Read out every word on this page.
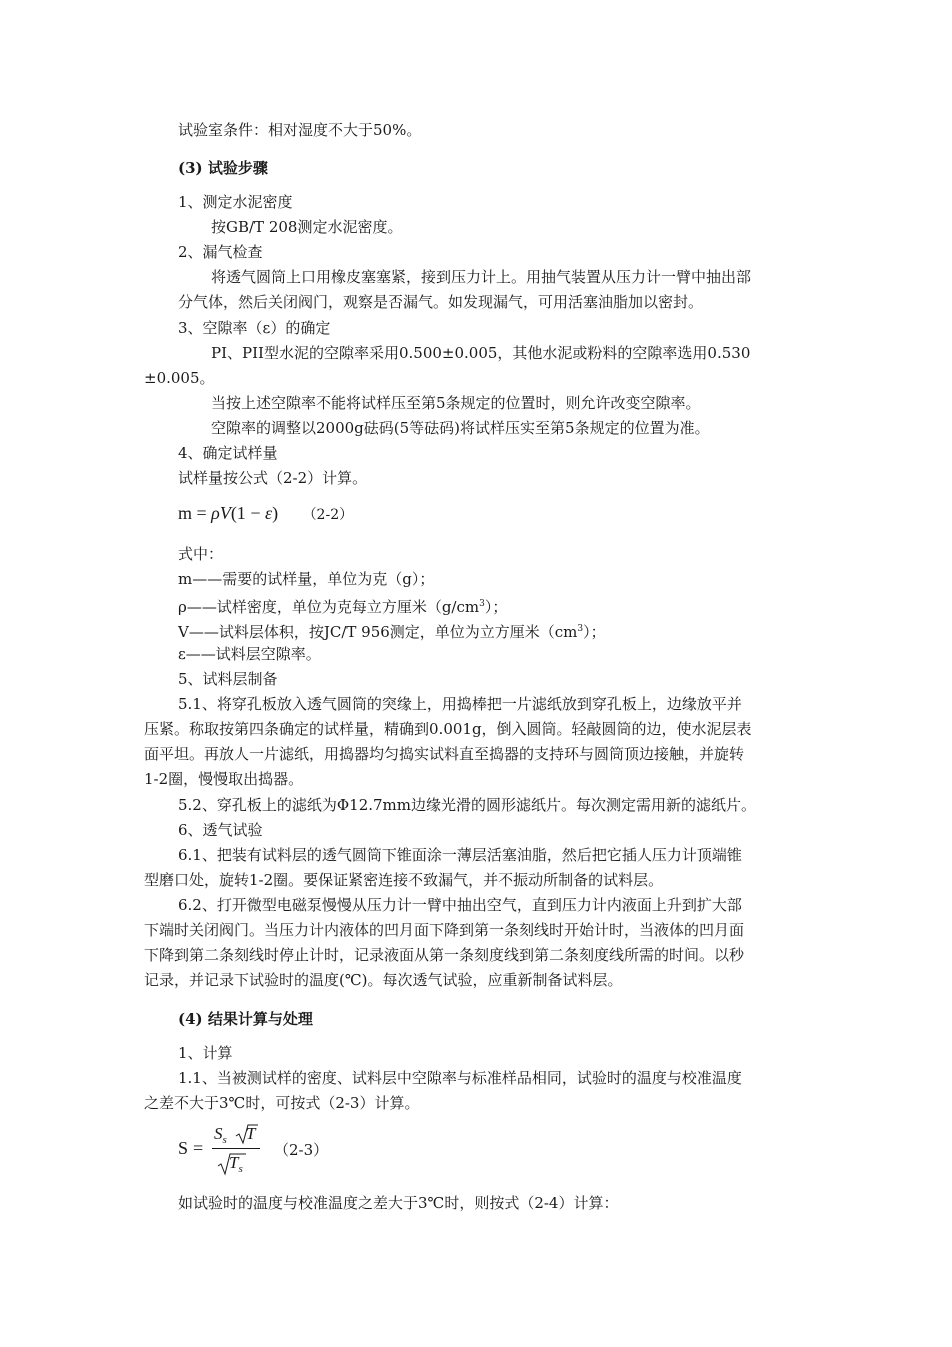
试验室条件：相对湿度不大于50%。
(3) 试验步骤
1、测定水泥密度
按GB/T 208测定水泥密度。
2、漏气检查
将透气圆筒上口用橡皮塞塞紧，接到压力计上。用抽气装置从压力计一臂中抽出部
分气体，然后关闭阀门，观察是否漏气。如发现漏气，可用活塞油脂加以密封。
3、空隙率（ε）的确定
PI、PII型水泥的空隙率采用0.500±0.005，其他水泥或粉料的空隙率选用0.530
±0.005。
当按上述空隙率不能将试样压至第5条规定的位置时，则允许改变空隙率。
空隙率的调整以2000g砝码(5等砝码)将试样压实至第5条规定的位置为准。
4、确定试样量
试样量按公式（2-2）计算。
m = ρV(1 − ε) （2-2）
式中：
m——需要的试样量，单位为克（g）；
ρ——试样密度，单位为克每立方厘米$(g/cm^3)$；
V——试料层体积，按JC/T 956测定，单位为立方厘米$(cm^3)$；
ε——试料层空隙率。
5、试料层制备
5.1、将穿孔板放入透气圆筒的突缘上，用捣棒把一片滤纸放到穿孔板上，边缘放平并
压紧。称取按第四条确定的试样量，精确到0.001g，倒入圆筒。轻敲圆筒的边，使水泥层表
面平坦。再放人一片滤纸，用捣器均匀捣实试料直至捣器的支持环与圆筒顶边接触，并旋转
1-2圈，慢慢取出捣器。
5.2、穿孔板上的滤纸为Φ12.7mm边缘光滑的圆形滤纸片。每次测定需用新的滤纸片。
6、透气试验
6.1、把装有试料层的透气圆筒下锥面涂一薄层活塞油脂，然后把它插人压力计顶端锥
型磨口处，旋转1-2圈。要保证紧密连接不致漏气，并不振动所制备的试料层。
6.2、打开微型电磁泵慢慢从压力计一臂中抽出空气，直到压力计内液面上升到扩大部
下端时关闭阀门。当压力计内液体的凹月面下降到第一条刻线时开始计时，当液体的凹月面
下降到第二条刻线时停止计时，记录液面从第一条刻度线到第二条刻度线所需的时间。以秒
记录，并记录下试验时的温度(℃)。每次透气试验，应重新制备试料层。
(4) 结果计算与处理
1、计算
1.1、当被测试样的密度、试料层中空隙率与标准样品相同，试验时的温度与校准温度
之差不大于3℃时，可按式（2-3）计算。
S =
$S_s$ T
$T_s$
（2-3）
如试验时的温度与校准温度之差大于3℃时，则按式（2-4）计算：
